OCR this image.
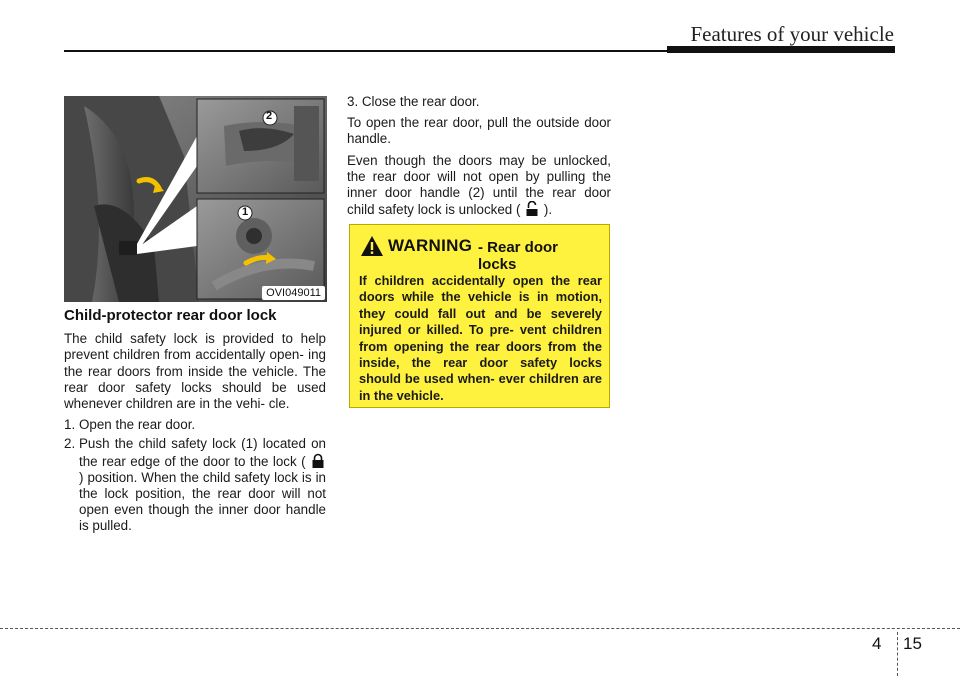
Features of your vehicle
2
1
OVI049011
Child-protector rear door lock

The child safety lock is provided to help prevent children from accidentally open- ing the rear doors from inside the vehicle. The rear door safety locks should be used whenever children are in the vehi- cle.

1. Open the rear door.
2. Push the child safety lock (1) located on the rear edge of the door to the lock (  ) position. When the child safety lock is in the lock position, the rear door will not open even though the inner door handle is pulled.

3. Close the rear door.

To open the rear door, pull the outside door handle.

Even though the doors may be unlocked, the rear door will not open by pulling the inner door handle (2) until the rear door child safety lock is unlocked ( ).

WARNING - Rear door locks
If children accidentally open the rear doors while the vehicle is in motion, they could fall out and be severely injured or killed. To pre- vent children from opening the rear doors from the inside, the rear door safety locks should be used when- ever children are in the vehicle.
4 15
